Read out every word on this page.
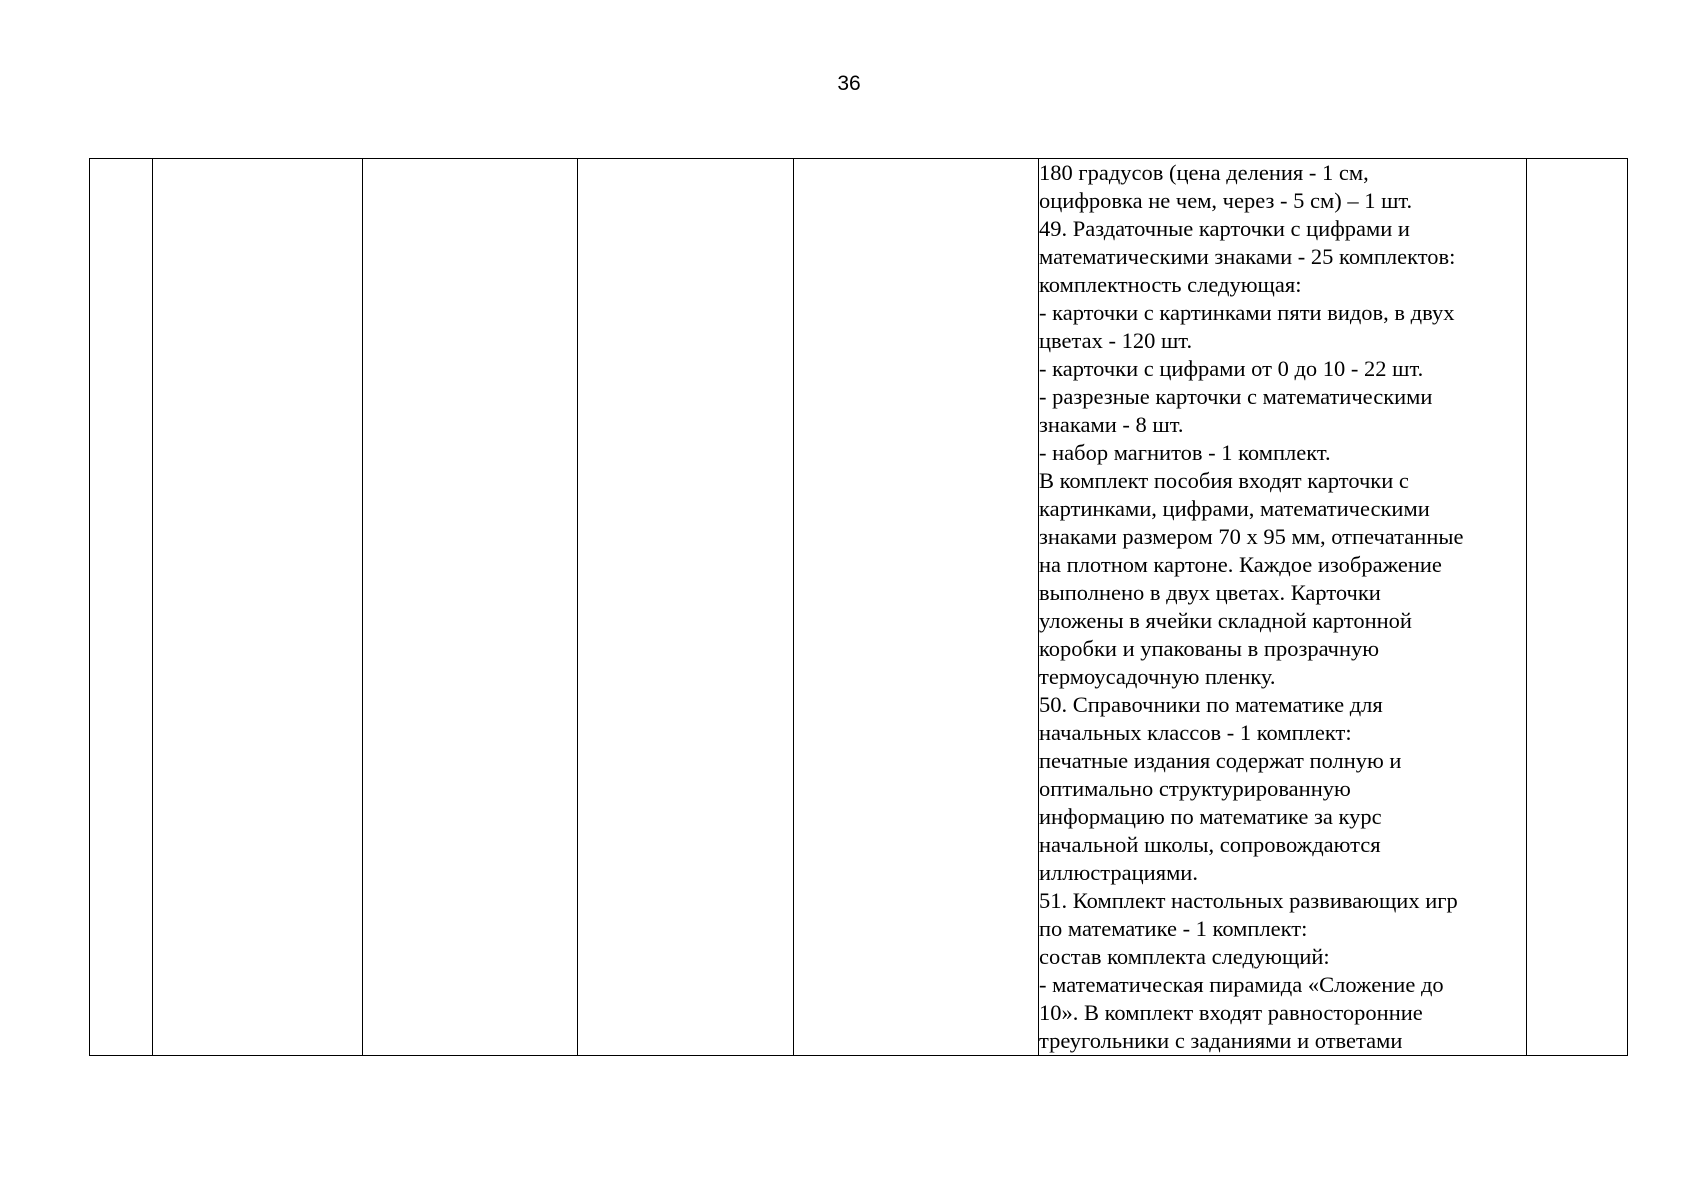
36

180 градусов (цена деления - 1 см,
оцифровка не чем, через - 5 см) – 1 шт.
49. Раздаточные карточки с цифрами и
математическими знаками - 25 комплектов:
комплектность следующая:
- карточки с картинками пяти видов, в двух
цветах - 120 шт.
- карточки с цифрами от 0 до 10 - 22 шт.
- разрезные карточки с математическими
знаками - 8 шт.
- набор магнитов - 1 комплект.
В комплект пособия входят карточки с
картинками, цифрами, математическими
знаками размером 70 х 95 мм, отпечатанные
на плотном картоне. Каждое изображение
выполнено в двух цветах. Карточки
уложены в ячейки складной картонной
коробки и упакованы в прозрачную
термоусадочную пленку.
50. Справочники по математике для
начальных классов - 1 комплект:
печатные издания содержат полную и
оптимально структурированную
информацию по математике за курс
начальной школы, сопровождаются
иллюстрациями.
51. Комплект настольных развивающих игр
по математике - 1 комплект:
состав комплекта следующий:
- математическая пирамида «Сложение до
10». В комплект входят равносторонние
треугольники с заданиями и ответами
